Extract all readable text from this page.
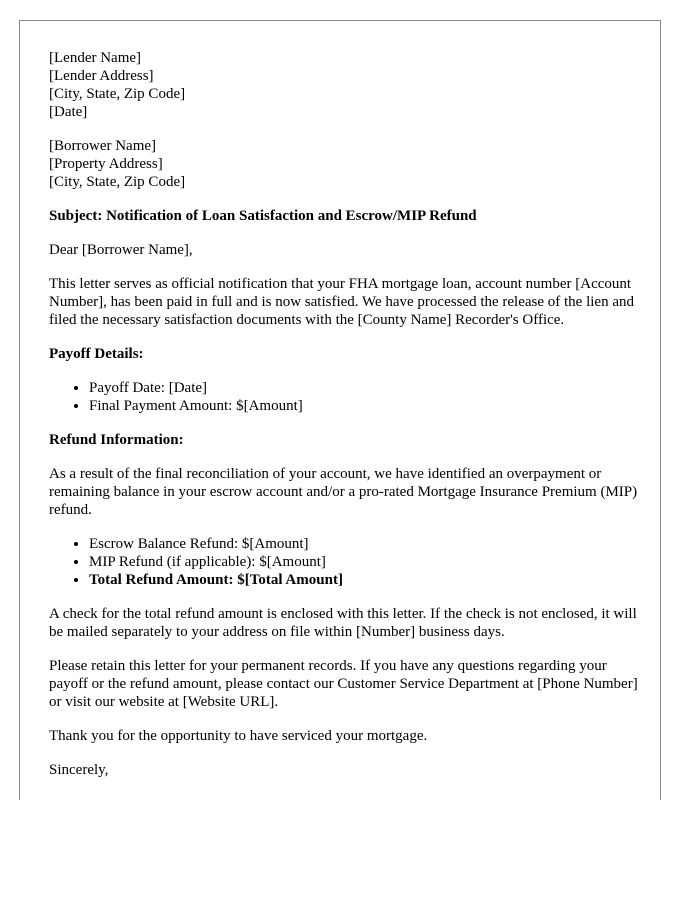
[Lender Name]
[Lender Address]
[City, State, Zip Code]
[Date]
[Borrower Name]
[Property Address]
[City, State, Zip Code]

Subject: Notification of Loan Satisfaction and Escrow/MIP Refund

Dear [Borrower Name],

This letter serves as official notification that your FHA mortgage loan, account number [Account Number], has been paid in full and is now satisfied. We have processed the release of the lien and filed the necessary satisfaction documents with the [County Name] Recorder's Office.

Payoff Details:

• Payoff Date: [Date]
• Final Payment Amount: $[Amount]

Refund Information:

As a result of the final reconciliation of your account, we have identified an overpayment or remaining balance in your escrow account and/or a pro-rated Mortgage Insurance Premium (MIP) refund.

• Escrow Balance Refund: $[Amount]
• MIP Refund (if applicable): $[Amount]
• Total Refund Amount: $[Total Amount]

A check for the total refund amount is enclosed with this letter. If the check is not enclosed, it will be mailed separately to your address on file within [Number] business days.

Please retain this letter for your permanent records. If you have any questions regarding your payoff or the refund amount, please contact our Customer Service Department at [Phone Number] or visit our website at [Website URL].

Thank you for the opportunity to have serviced your mortgage.

Sincerely,
